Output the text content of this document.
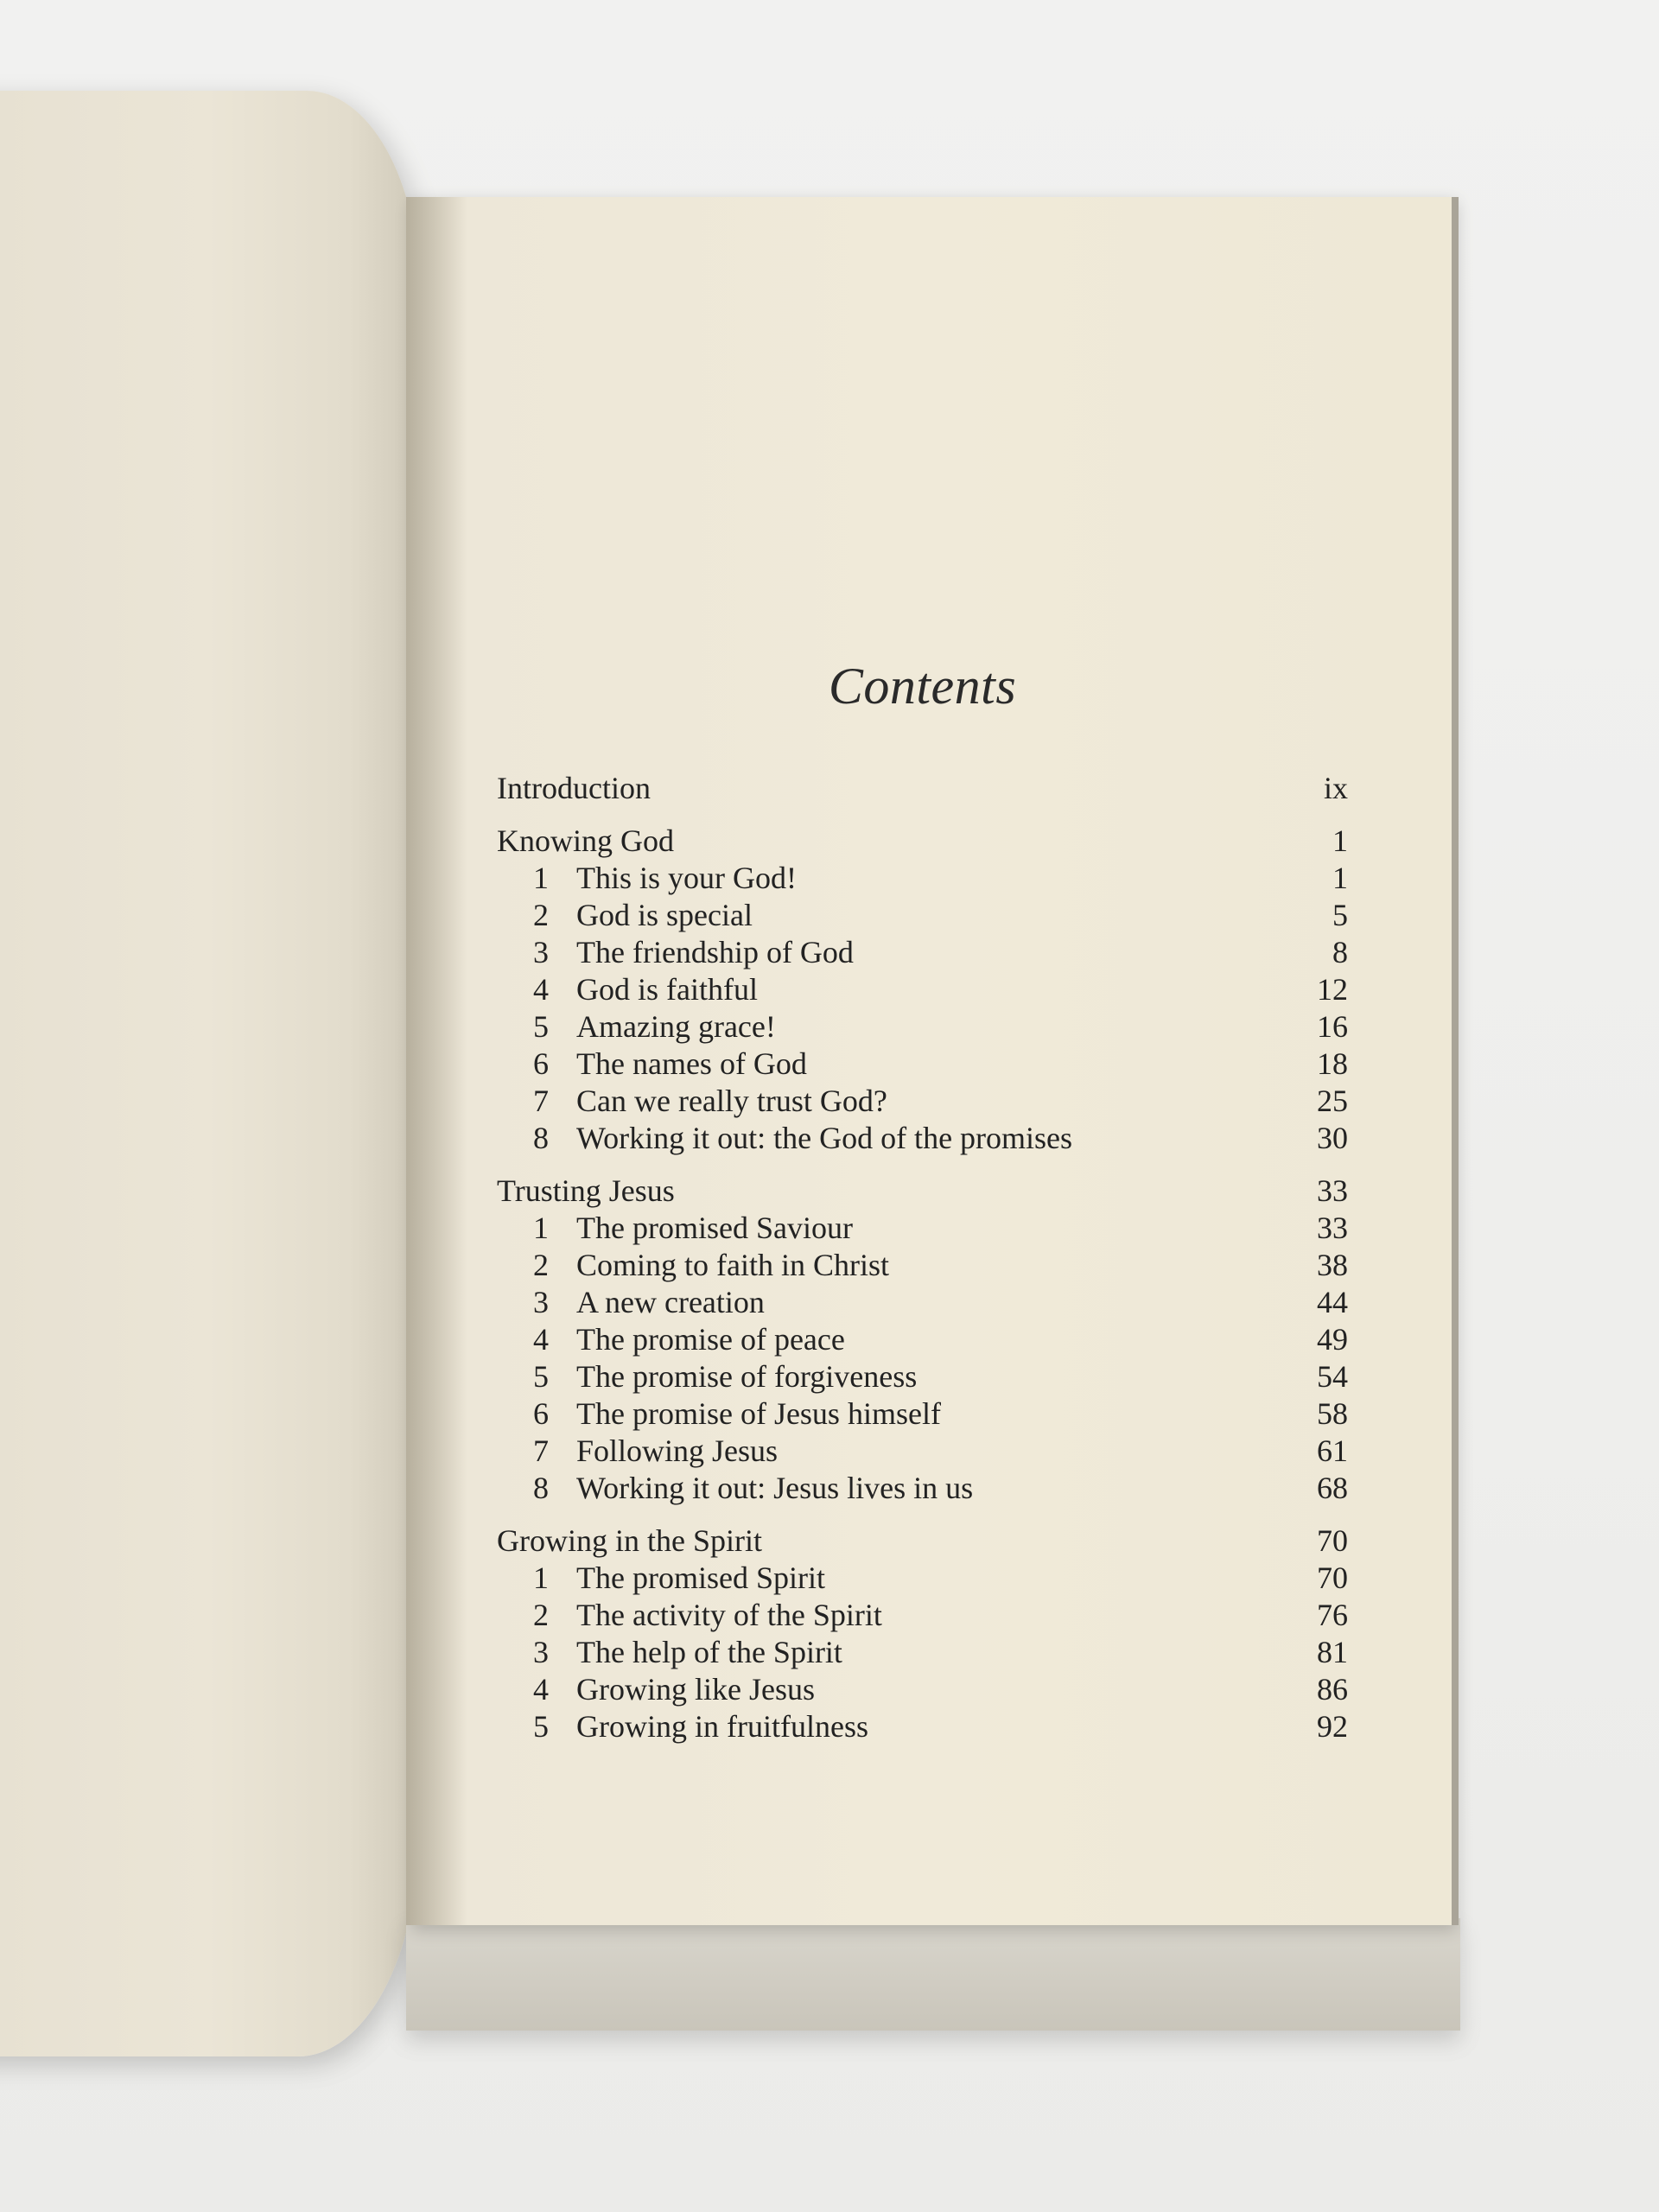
Contents
Introduction	ix
Knowing God	1
1 This is your God!	1
2 God is special	5
3 The friendship of God	8
4 God is faithful	12
5 Amazing grace!	16
6 The names of God	18
7 Can we really trust God?	25
8 Working it out: the God of the promises	30
Trusting Jesus	33
1 The promised Saviour	33
2 Coming to faith in Christ	38
3 A new creation	44
4 The promise of peace	49
5 The promise of forgiveness	54
6 The promise of Jesus himself	58
7 Following Jesus	61
8 Working it out: Jesus lives in us	68
Growing in the Spirit	70
1 The promised Spirit	70
2 The activity of the Spirit	76
3 The help of the Spirit	81
4 Growing like Jesus	86
5 Growing in fruitfulness	92
